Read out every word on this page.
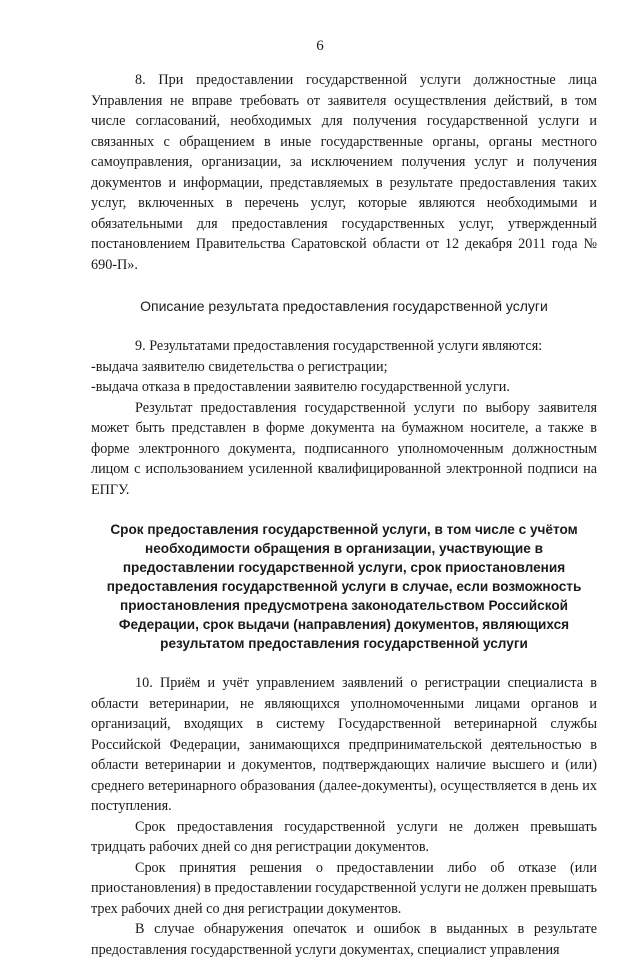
6

8. При предоставлении государственной услуги должностные лица Управления не вправе требовать от заявителя осуществления действий, в том числе согласований, необходимых для получения государственной услуги и связанных с обращением в иные государственные органы, органы местного самоуправления, организации, за исключением получения услуг и получения документов и информации, представляемых в результате предоставления таких услуг, включенных в перечень услуг, которые являются необходимыми и обязательными для предоставления государственных услуг, утвержденный постановлением Правительства Саратовской области от 12 декабря 2011 года № 690-П».

Описание результата предоставления государственной услуги

9. Результатами предоставления государственной услуги являются:

-выдача заявителю свидетельства о регистрации;

-выдача отказа в предоставлении заявителю государственной услуги.

Результат предоставления государственной услуги по выбору заявителя может быть представлен в форме документа на бумажном носителе, а также в форме электронного документа, подписанного уполномоченным должностным лицом с использованием усиленной квалифицированной электронной подписи на ЕПГУ.

Срок предоставления государственной услуги, в том числе с учётом необходимости обращения в организации, участвующие в предоставлении государственной услуги, срок приостановления предоставления государственной услуги в случае, если возможность приостановления предусмотрена законодательством Российской Федерации, срок выдачи (направления) документов, являющихся результатом предоставления государственной услуги

10. Приём и учёт управлением заявлений о регистрации специалиста в области ветеринарии, не являющихся уполномоченными лицами органов и организаций, входящих в систему Государственной ветеринарной службы Российской Федерации, занимающихся предпринимательской деятельностью в области ветеринарии и документов, подтверждающих наличие высшего и (или) среднего ветеринарного образования (далее-документы), осуществляется в день их поступления.

Срок предоставления государственной услуги не должен превышать тридцать рабочих дней со дня регистрации документов.

Срок принятия решения о предоставлении либо об отказе (или приостановления) в предоставлении государственной услуги не должен превышать трех рабочих дней со дня регистрации документов.

В случае обнаружения опечаток и ошибок в выданных в результате предоставления государственной услуги документах, специалист управления
